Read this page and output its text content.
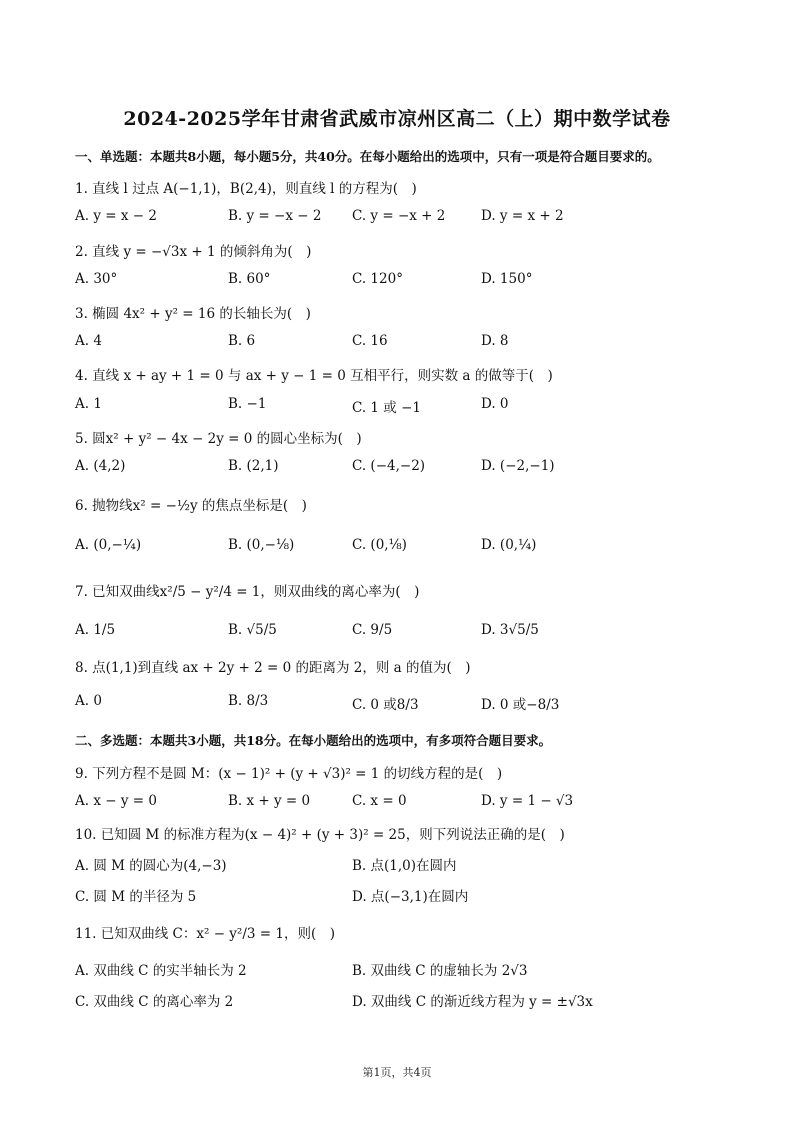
2024-2025学年甘肃省武威市凉州区高二（上）期中数学试卷
一、单选题：本题共8小题，每小题5分，共40分。在每小题给出的选项中，只有一项是符合题目要求的。
1. 直线 l 过点 A(−1,1)，B(2,4)，则直线 l 的方程为(　)
A. y = x − 2	B. y = −x − 2 C. y = −x + 2	D. y = x + 2
2. 直线 y = −√3x + 1 的倾斜角为(　)
A. 30°	B. 60°	C. 120°	D. 150°
3. 椭圆 4x² + y² = 16 的长轴长为(　)
A. 4	B. 6	C. 16	D. 8
4. 直线 x + ay + 1 = 0 与 ax + y − 1 = 0 互相平行，则实数 a 的做等于(　)
A. 1	B. −1	C. 1 或 −1	D. 0
5. 圆x² + y² − 4x − 2y = 0 的圆心坐标为(　)
A. (4,2)	B. (2,1)	C. (−4,−2)	D. (−2,−1)
6. 抛物线x² = −½y 的焦点坐标是(　)
A. (0,−¼)	B. (0,−⅛)	C. (0,⅛)	D. (0,¼)
7. 已知双曲线x²/5 − y²/4 = 1，则双曲线的离心率为(　)
A. 1/5	B. √5/5	C. 9/5	D. 3√5/5
8. 点(1,1)到直线 ax + 2y + 2 = 0 的距离为 2，则 a 的值为(　)
A. 0	B. 8/3	C. 0 或8/3	D. 0 或−8/3
二、多选题：本题共3小题，共18分。在每小题给出的选项中，有多项符合题目要求。
9. 下列方程不是圆 M：(x − 1)² + (y + √3)² = 1 的切线方程的是(　)
A. x − y = 0	B. x + y = 0	C. x = 0	D. y = 1 − √3
10. 已知圆 M 的标准方程为(x − 4)² + (y + 3)² = 25，则下列说法正确的是(　)
A. 圆 M 的圆心为(4,−3)	B. 点(1,0)在圆内
C. 圆 M 的半径为 5	D. 点(−3,1)在圆内
11. 已知双曲线 C：x² − y²/3 = 1，则(　)
A. 双曲线 C 的实半轴长为 2	B. 双曲线 C 的虚轴长为 2√3
C. 双曲线 C 的离心率为 2	D. 双曲线 C 的渐近线方程为 y = ±√3x
第1页，共4页
